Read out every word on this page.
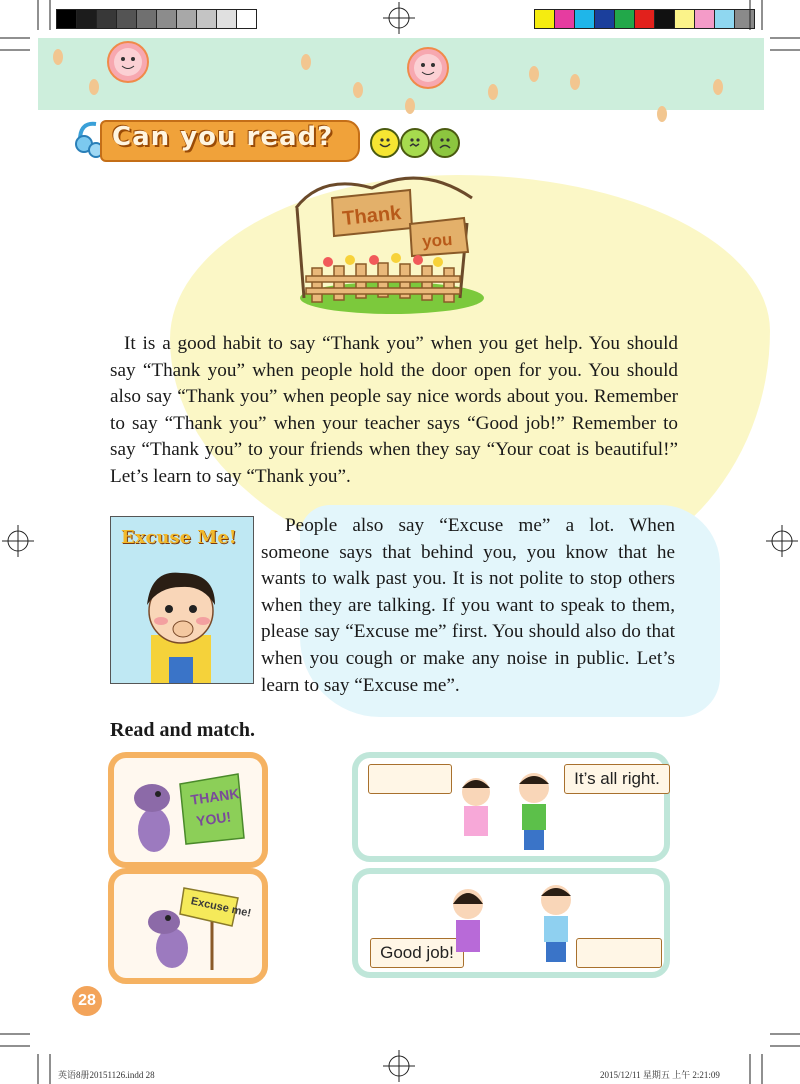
Can you read?
Thank
you

It is a good habit to say “Thank you” when you get help. You should say “Thank you” when people hold the door open for you. You should also say “Thank you” when people say nice words about you. Remember to say “Thank you” when your teacher says “Good job!” Remember to say “Thank you” to your friends when they say “Your coat is beautiful!” Let’s learn to say “Thank you”.

Excuse Me!

People also say “Excuse me” a lot. When someone says that behind you, you know that he wants to walk past you. It is not polite to stop others when they are talking. If you want to speak to them, please say “Excuse me” first. You should also do that when you cough or make any noise in public. Let’s learn to say “Excuse me”.

Read and match.
THANK
YOU!
Excuse me!
It’s all right.
Good job!
28
英语8册20151126.indd 28	2015/12/11 星期五 上午 2:21:09
